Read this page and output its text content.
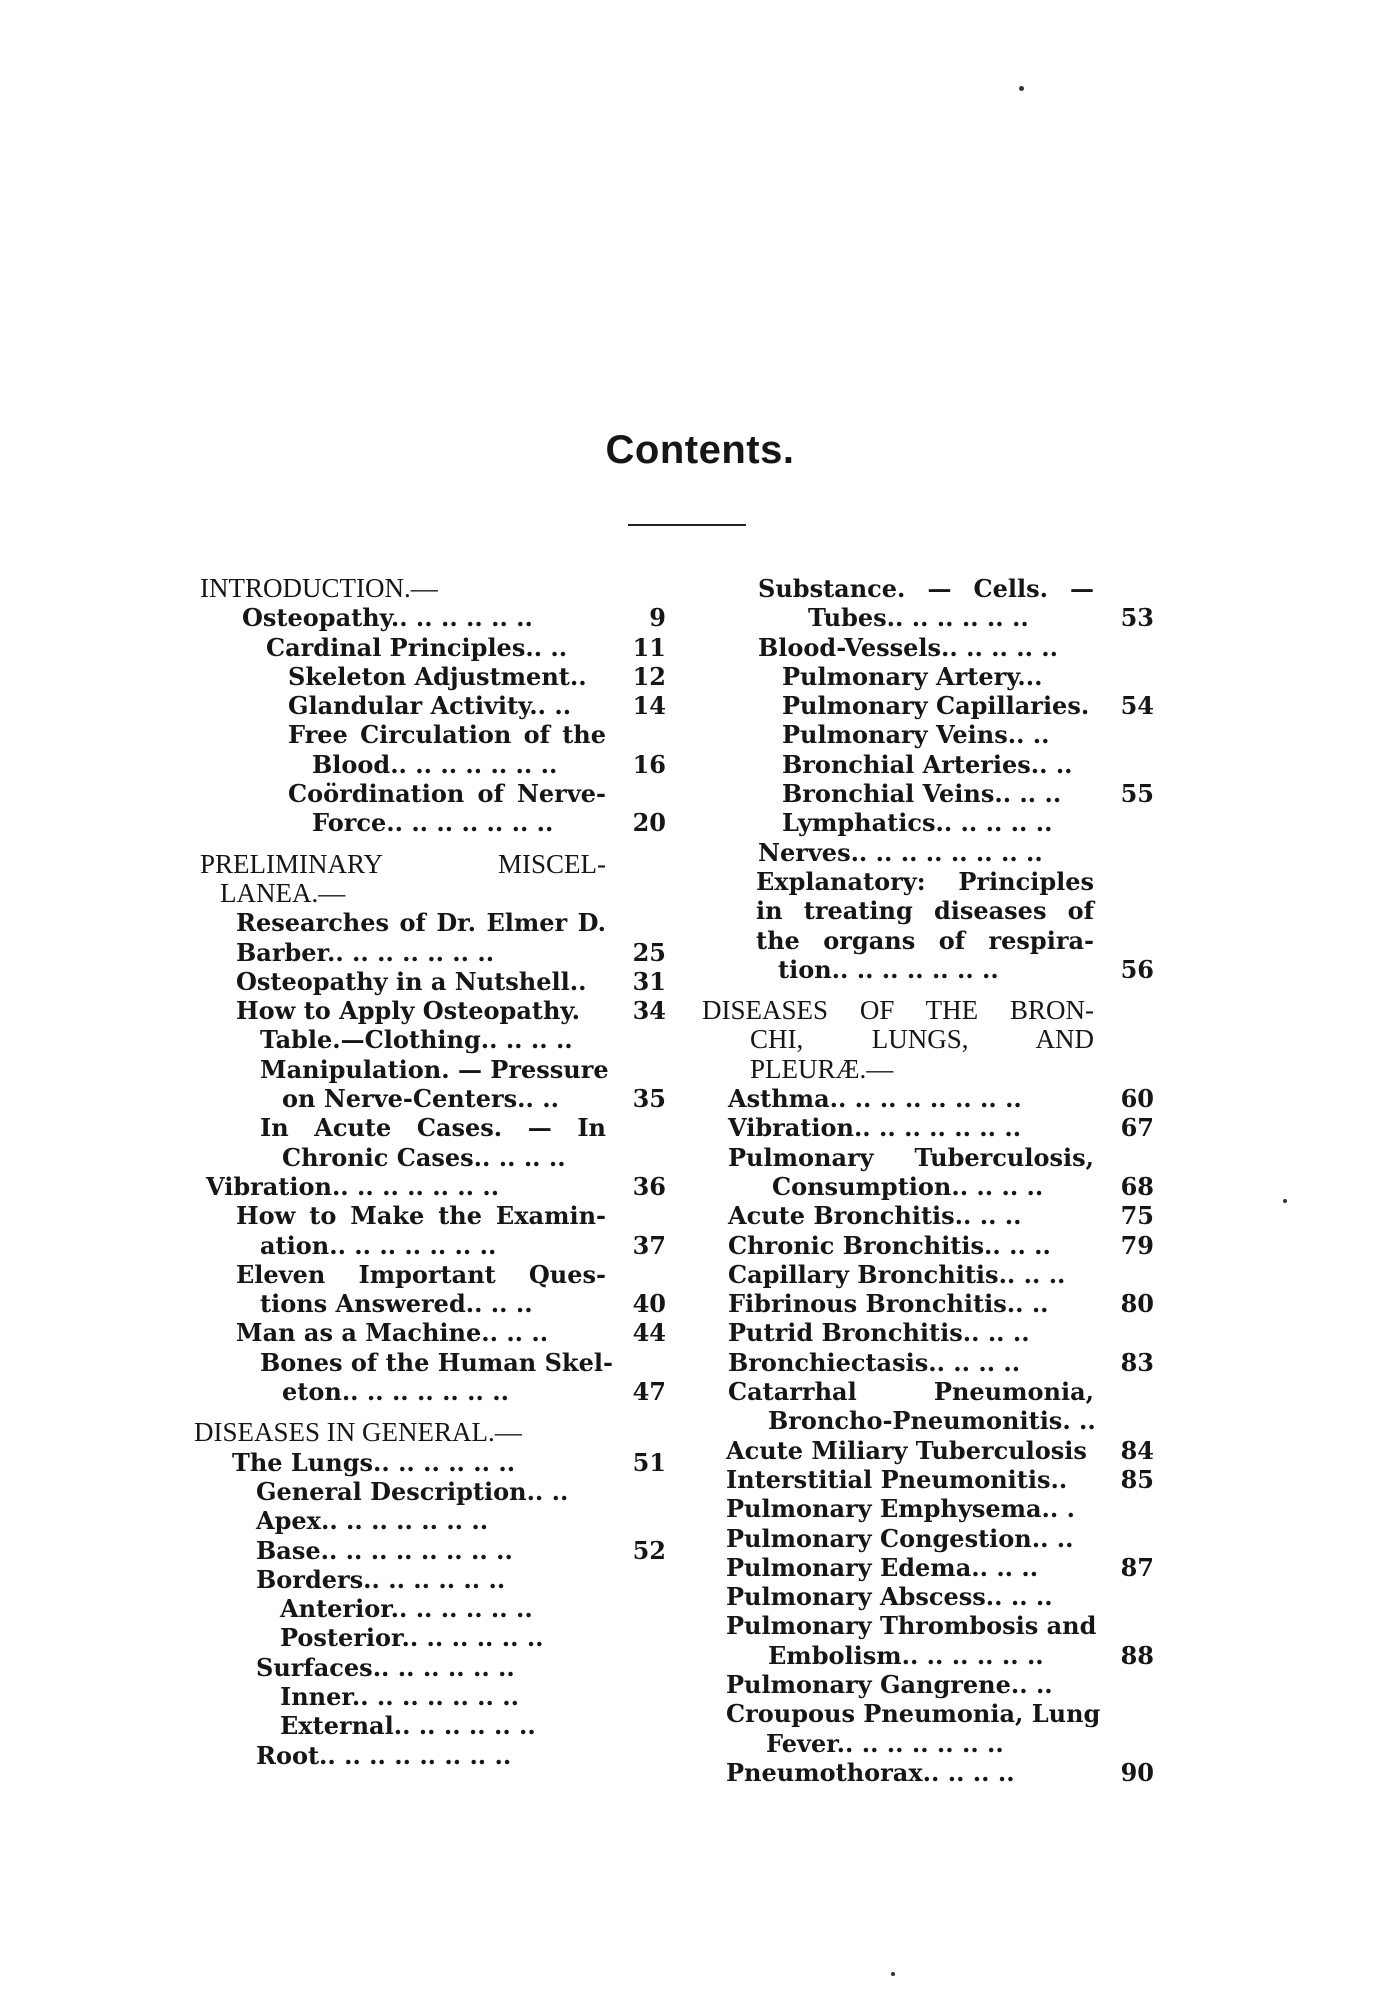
Contents.
INTRODUCTION.—
Osteopathy.. .. .. .. .. ..	9
Cardinal Principles.. ..	11
Skeleton Adjustment..	12
Glandular Activity.. ..	14
Free Circulation of the
Blood.. .. .. .. .. .. ..	16
Coördination of Nerve-
Force.. .. .. .. .. .. ..	20
PRELIMINARY MISCEL-
LANEA.—
Researches of Dr. Elmer D.
Barber.. .. .. .. .. .. ..	25
Osteopathy in a Nutshell..	31
How to Apply Osteopathy.	34
Table.—Clothing.. .. .. ..
Manipulation. — Pressure
on Nerve-Centers.. ..	35
In Acute Cases. — In
Chronic Cases.. .. .. ..
Vibration.. .. .. .. .. .. ..	36
How to Make the Examin-
ation.. .. .. .. .. .. ..	37
Eleven Important Ques-
tions Answered.. .. ..	40
Man as a Machine.. .. ..	44
Bones of the Human Skel-
eton.. .. .. .. .. .. ..	47
DISEASES IN GENERAL.—
The Lungs.. .. .. .. .. ..	51
General Description.. ..
Apex.. .. .. .. .. .. ..
Base.. .. .. .. .. .. .. ..	52
Borders.. .. .. .. .. ..
Anterior.. .. .. .. .. ..
Posterior.. .. .. .. .. ..
Surfaces.. .. .. .. .. ..
Inner.. .. .. .. .. .. ..
External.. .. .. .. .. ..
Root.. .. .. .. .. .. .. ..
Substance. — Cells. —
Tubes.. .. .. .. .. ..	53
Blood-Vessels.. .. .. .. ..
Pulmonary Artery...
Pulmonary Capillaries. 54
Pulmonary Veins.. ..
Bronchial Arteries.. ..
Bronchial Veins.. .. ..	55
Lymphatics.. .. .. .. ..
Nerves.. .. .. .. .. .. .. ..
Explanatory: Principles
in treating diseases of
the organs of respira-
tion.. .. .. .. .. .. ..	56
DISEASES OF THE BRON-
CHI, LUNGS, AND
PLEURÆ.—
Asthma.. .. .. .. .. .. .. ..	60
Vibration.. .. .. .. .. .. ..	67
Pulmonary Tuberculosis,
Consumption.. .. .. ..	68
Acute Bronchitis.. .. ..	75
Chronic Bronchitis.. .. ..	79
Capillary Bronchitis.. .. ..
Fibrinous Bronchitis.. ..	80
Putrid Bronchitis.. .. ..
Bronchiectasis.. .. .. ..	83
Catarrhal Pneumonia,
Broncho-Pneumonitis. ..
Acute Miliary Tuberculosis 84
Interstitial Pneumonitis..	85
Pulmonary Emphysema.. .
Pulmonary Congestion.. ..
Pulmonary Edema.. .. ..	87
Pulmonary Abscess.. .. ..
Pulmonary Thrombosis and
Embolism.. .. .. .. .. ..	88
Pulmonary Gangrene.. ..
Croupous Pneumonia, Lung
Fever.. .. .. .. .. .. ..
Pneumothorax.. .. .. ..	90
